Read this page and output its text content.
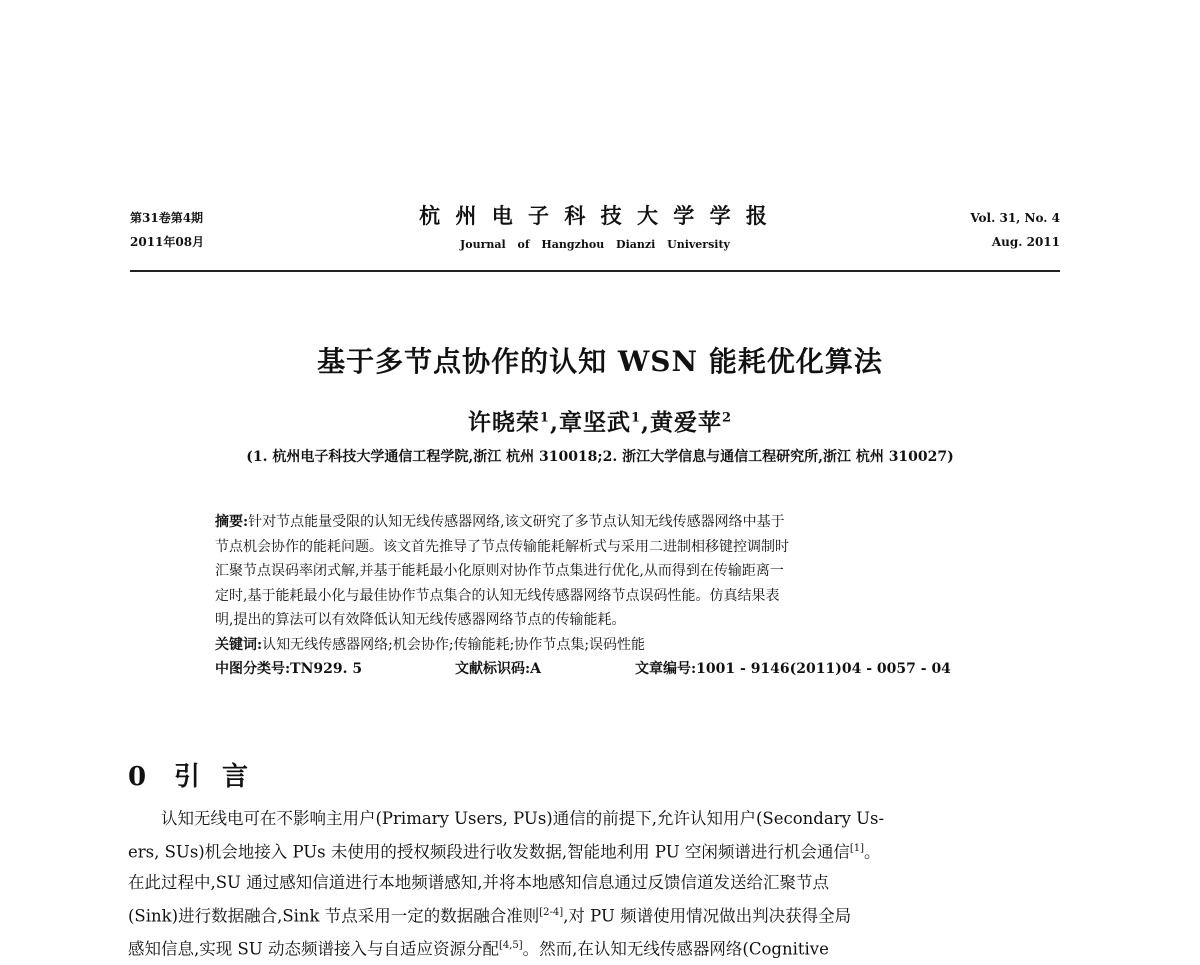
第31卷第4期
2011年08月
杭 州 电 子 科 技 大 学 学 报
Journal of Hangzhou Dianzi University
Vol. 31, No. 4
Aug. 2011
基于多节点协作的认知 WSN 能耗优化算法
许晓荣$^1$,章坚武$^1$,黄爱苹$^2$
(1. 杭州电子科技大学通信工程学院,浙江 杭州 310018;2. 浙江大学信息与通信工程研究所,浙江 杭州 310027)
摘要:针对节点能量受限的认知无线传感器网络,该文研究了多节点认知无线传感器网络中基于
节点机会协作的能耗问题。该文首先推导了节点传输能耗解析式与采用二进制相移键控调制时
汇聚节点误码率闭式解,并基于能耗最小化原则对协作节点集进行优化,从而得到在传输距离一
定时,基于能耗最小化与最佳协作节点集合的认知无线传感器网络节点误码性能。仿真结果表
明,提出的算法可以有效降低认知无线传感器网络节点的传输能耗。
关键词:认知无线传感器网络;机会协作;传输能耗;协作节点集;误码性能
中图分类号:TN929. 5	文献标识码:A	文章编号:1001 - 9146(2011)04 - 0057 - 04
0 引言
认知无线电可在不影响主用户(Primary Users, PUs)通信的前提下,允许认知用户(Secondary Us-
ers, SUs)机会地接入 PUs 未使用的授权频段进行收发数据,智能地利用 PU 空闲频谱进行机会通信[1]。
在此过程中,SU 通过感知信道进行本地频谱感知,并将本地感知信息通过反馈信道发送给汇聚节点
(Sink)进行数据融合,Sink 节点采用一定的数据融合准则[2-4],对 PU 频谱使用情况做出判决获得全局
感知信息,实现 SU 动态频谱接入与自适应资源分配[4,5]。然而,在认知无线传感器网络(Cognitive
